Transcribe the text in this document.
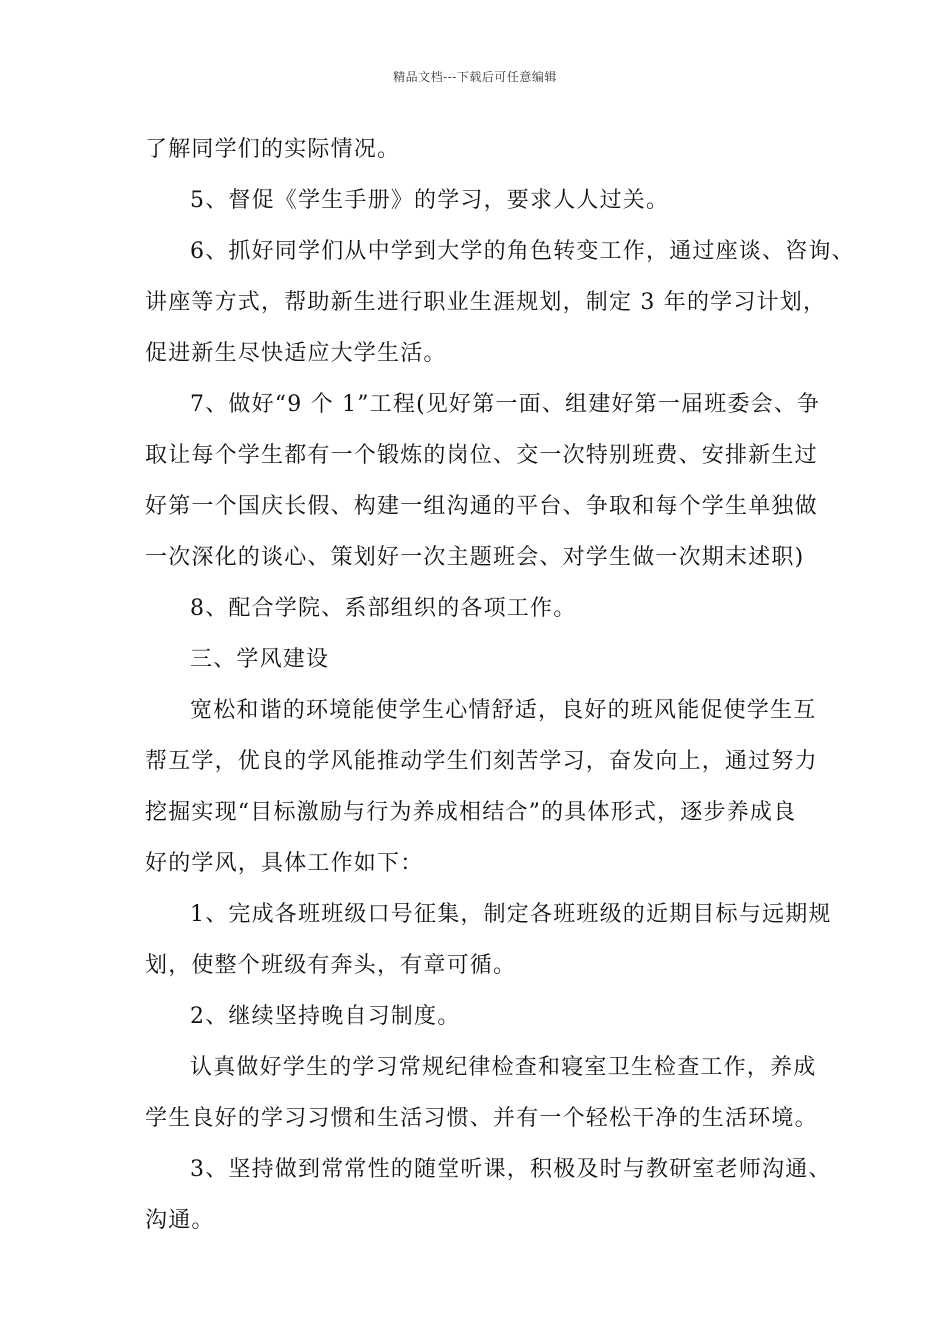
精品文档---下载后可任意编辑
了解同学们的实际情况。
5、督促《学生手册》的学习，要求人人过关。
6、抓好同学们从中学到大学的角色转变工作，通过座谈、咨询、
讲座等方式，帮助新生进行职业生涯规划，制定 3 年的学习计划，
促进新生尽快适应大学生活。
7、做好“9 个 1”工程(见好第一面、组建好第一届班委会、争
取让每个学生都有一个锻炼的岗位、交一次特别班费、安排新生过
好第一个国庆长假、构建一组沟通的平台、争取和每个学生单独做
一次深化的谈心、策划好一次主题班会、对学生做一次期末述职)
8、配合学院、系部组织的各项工作。
三、学风建设
宽松和谐的环境能使学生心情舒适，良好的班风能促使学生互
帮互学，优良的学风能推动学生们刻苦学习，奋发向上，通过努力
挖掘实现“目标激励与行为养成相结合”的具体形式，逐步养成良
好的学风，具体工作如下：
1、完成各班班级口号征集，制定各班班级的近期目标与远期规
划，使整个班级有奔头，有章可循。
2、继续坚持晚自习制度。
认真做好学生的学习常规纪律检查和寝室卫生检查工作，养成
学生良好的学习习惯和生活习惯、并有一个轻松干净的生活环境。
3、坚持做到常常性的随堂听课，积极及时与教研室老师沟通、
沟通。
